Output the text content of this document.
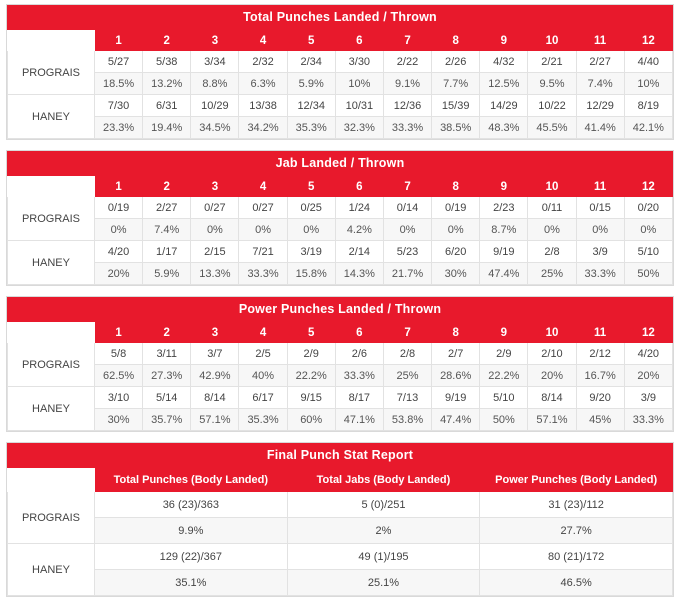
Total Punches Landed / Thrown
	1	2	3	4	5	6	7	8	9	10	11	12
PROGRAIS	5/27	5/38	3/34	2/32	2/34	3/30	2/22	2/26	4/32	2/21	2/27	4/40
	18.5%	13.2%	8.8%	6.3%	5.9%	10%	9.1%	7.7%	12.5%	9.5%	7.4%	10%
HANEY	7/30	6/31	10/29	13/38	12/34	10/31	12/36	15/39	14/29	10/22	12/29	8/19
	23.3%	19.4%	34.5%	34.2%	35.3%	32.3%	33.3%	38.5%	48.3%	45.5%	41.4%	42.1%
Jab Landed / Thrown
	1	2	3	4	5	6	7	8	9	10	11	12
PROGRAIS	0/19	2/27	0/27	0/27	0/25	1/24	0/14	0/19	2/23	0/11	0/15	0/20
	0%	7.4%	0%	0%	0%	4.2%	0%	0%	8.7%	0%	0%	0%
HANEY	4/20	1/17	2/15	7/21	3/19	2/14	5/23	6/20	9/19	2/8	3/9	5/10
	20%	5.9%	13.3%	33.3%	15.8%	14.3%	21.7%	30%	47.4%	25%	33.3%	50%
Power Punches Landed / Thrown
	1	2	3	4	5	6	7	8	9	10	11	12
PROGRAIS	5/8	3/11	3/7	2/5	2/9	2/6	2/8	2/7	2/9	2/10	2/12	4/20
	62.5%	27.3%	42.9%	40%	22.2%	33.3%	25%	28.6%	22.2%	20%	16.7%	20%
HANEY	3/10	5/14	8/14	6/17	9/15	8/17	7/13	9/19	5/10	8/14	9/20	3/9
	30%	35.7%	57.1%	35.3%	60%	47.1%	53.8%	47.4%	50%	57.1%	45%	33.3%
Final Punch Stat Report
	Total Punches (Body Landed)	Total Jabs (Body Landed)	Power Punches (Body Landed)
PROGRAIS	36 (23)/363	5 (0)/251	31 (23)/112
	9.9%	2%	27.7%
HANEY	129 (22)/367	49 (1)/195	80 (21)/172
	35.1%	25.1%	46.5%
